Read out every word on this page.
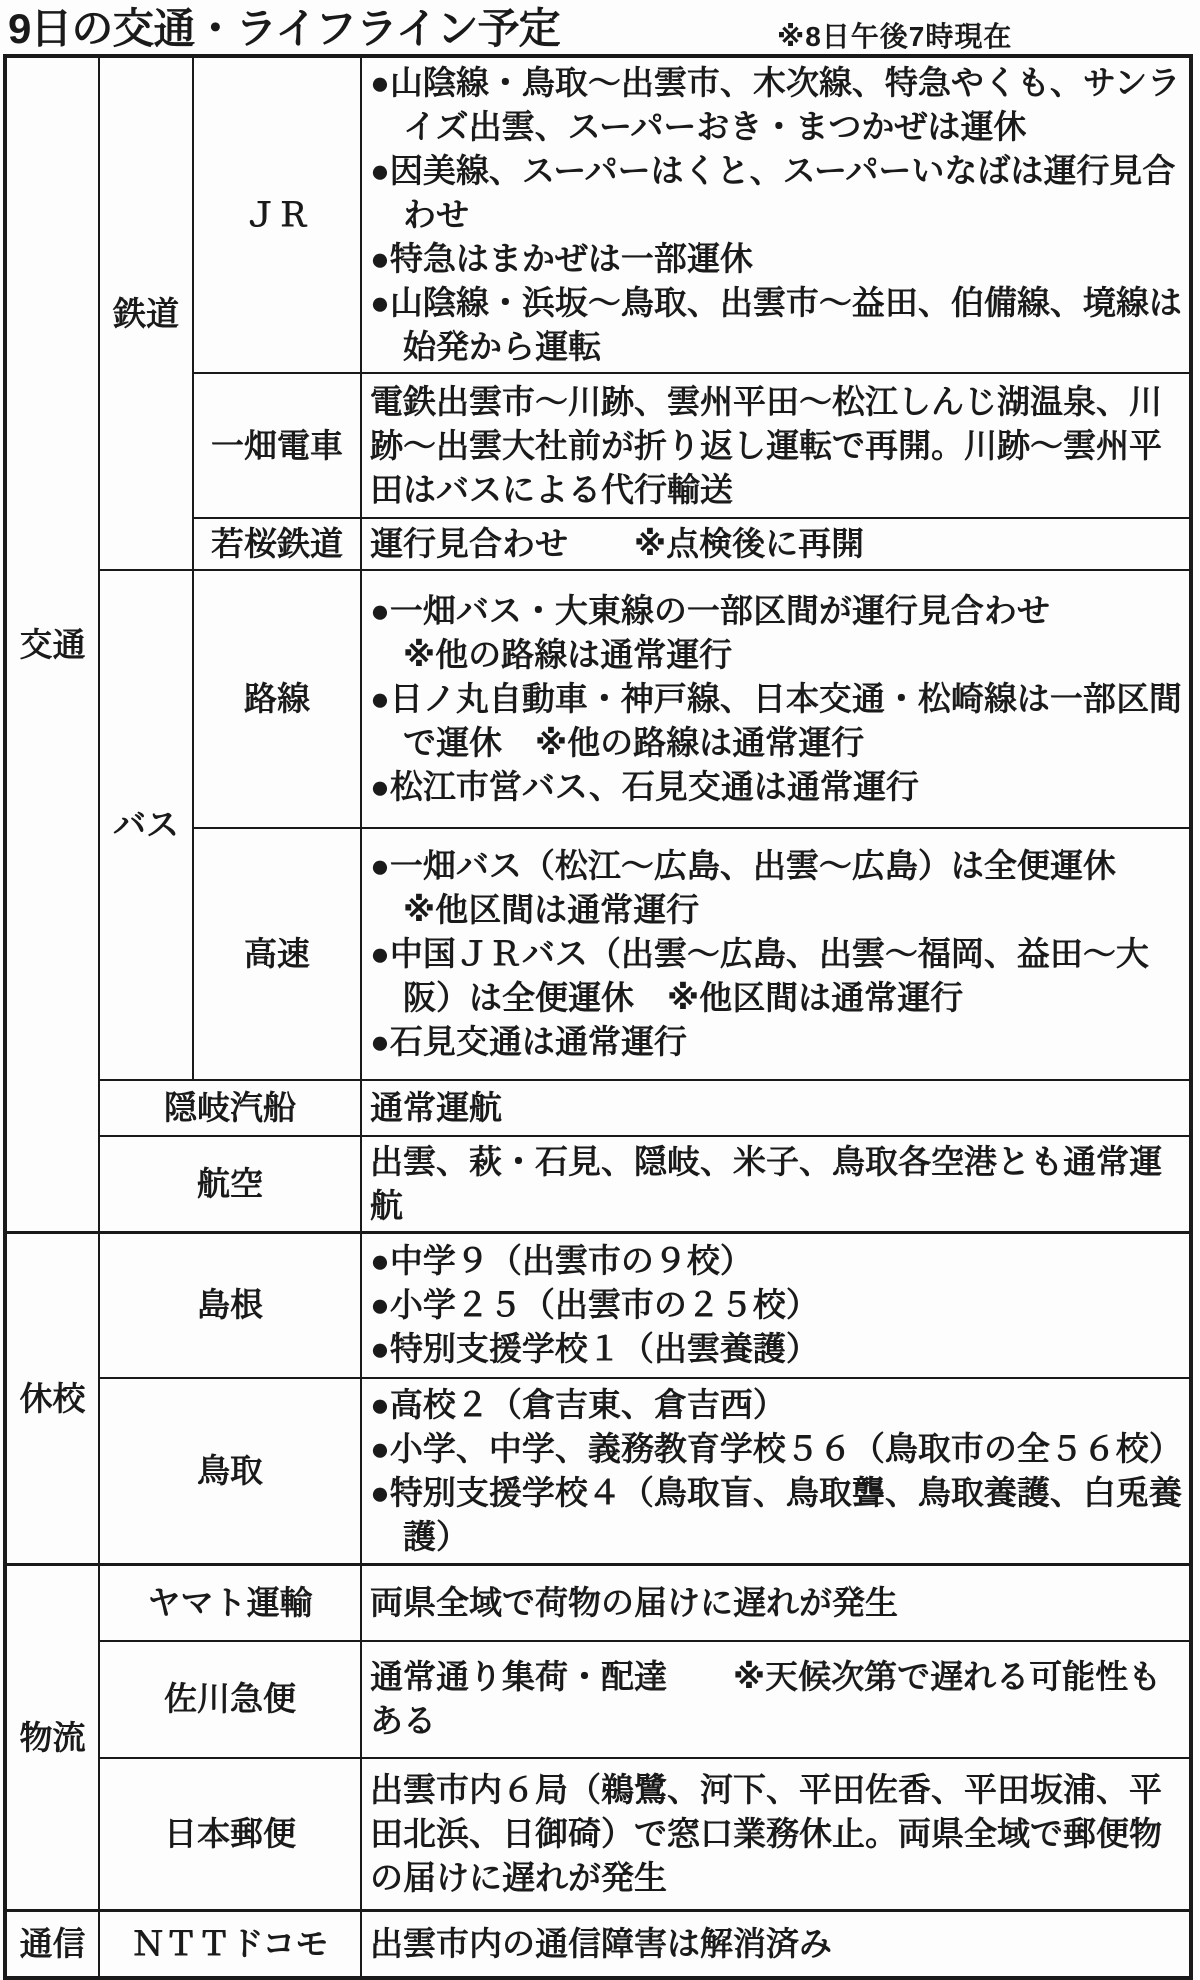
9日の交通・ライフライン予定	※8日午後7時現在
交通	鉄道	ＪＲ	●山陰線・鳥取〜出雲市、木次線、特急やくも、サンライズ出雲、スーパーおき・まつかぜは運休
●因美線、スーパーはくと、スーパーいなばは運行見合わせ
●特急はまかぜは一部運休
●山陰線・浜坂〜鳥取、出雲市〜益田、伯備線、境線は始発から運転

		一畑電車	電鉄出雲市〜川跡、雲州平田〜松江しんじ湖温泉、川跡〜出雲大社前が折り返し運転で再開。川跡〜雲州平田はバスによる代行輸送

		若桜鉄道	運行見合わせ　　※点検後に再開

	バス	路線	●一畑バス・大東線の一部区間が運行見合わせ
※他の路線は通常運行
●日ノ丸自動車・神戸線、日本交通・松崎線は一部区間で運休　※他の路線は通常運行
●松江市営バス、石見交通は通常運行

		高速	●一畑バス（松江〜広島、出雲〜広島）は全便運休
※他区間は通常運行
●中国ＪＲバス（出雲〜広島、出雲〜福岡、益田〜大阪）は全便運休　※他区間は通常運行
●石見交通は通常運行

	隠岐汽船		通常運航

	航空		出雲、萩・石見、隠岐、米子、鳥取各空港とも通常運航

休校	島根		●中学９（出雲市の９校）
●小学２５（出雲市の２５校）
●特別支援学校１（出雲養護）

	鳥取		●高校２（倉吉東、倉吉西）
●小学、中学、義務教育学校５６（鳥取市の全５６校）
●特別支援学校４（鳥取盲、鳥取聾、鳥取養護、白兎養護）

物流	ヤマト運輸		両県全域で荷物の届けに遅れが発生

	佐川急便		通常通り集荷・配達　　※天候次第で遅れる可能性もある

	日本郵便		出雲市内６局（鵜鷺、河下、平田佐香、平田坂浦、平田北浜、日御碕）で窓口業務休止。両県全域で郵便物の届けに遅れが発生

通信	ＮＴＴドコモ		出雲市内の通信障害は解消済み
